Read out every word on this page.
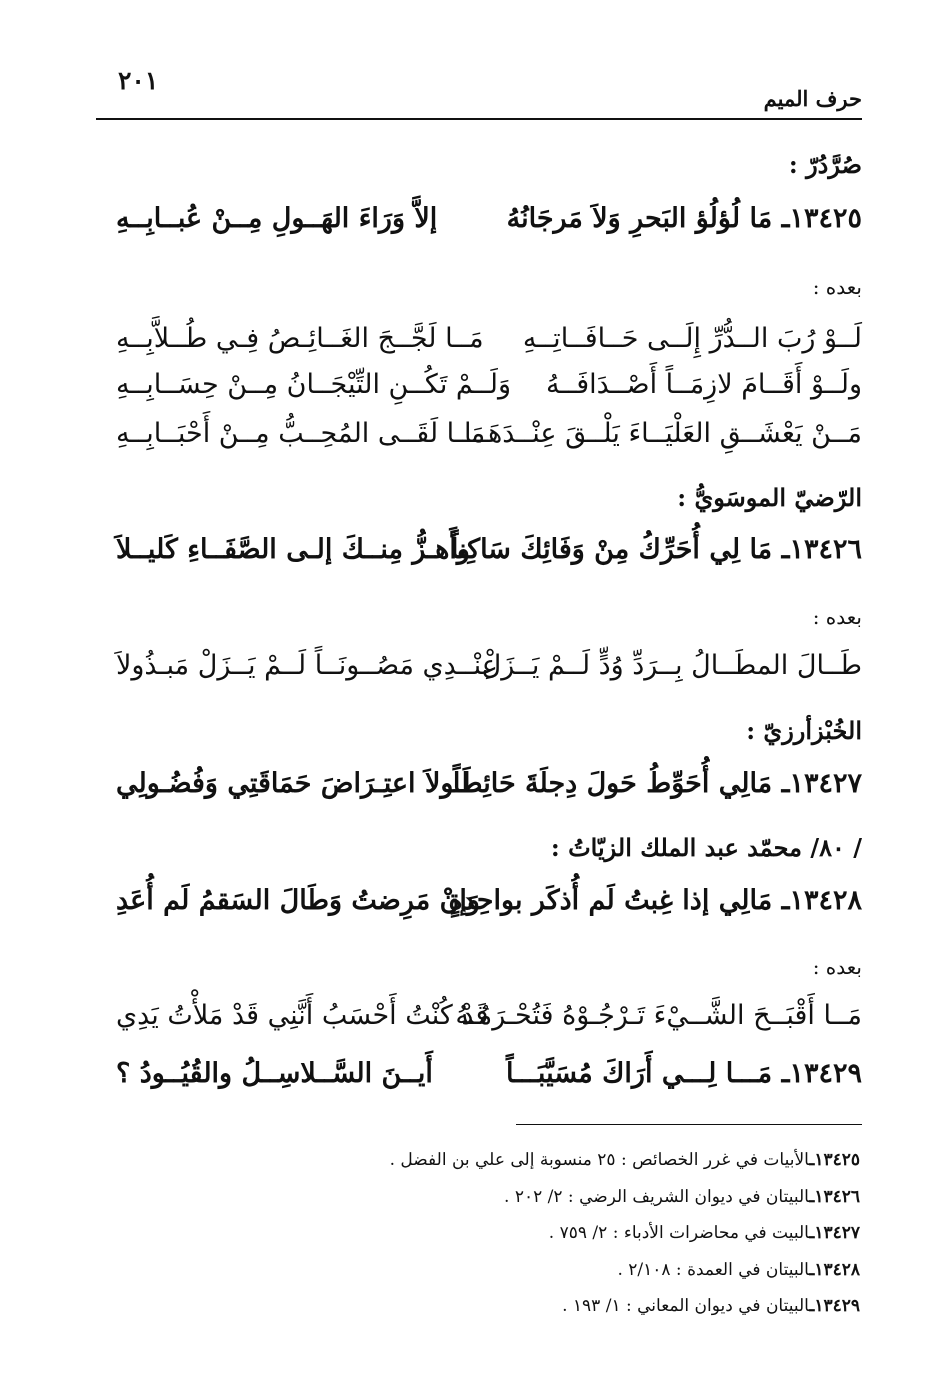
حرف الميم
٢٠١
صُرَّدُرّ :
١٣٤٢٥ـ مَا لُؤلُؤ البَحرِ وَلاَ مَرجَانُهُ
إلاَّ وَرَاءَ الهَــولِ مِــنْ عُبــابِــهِ
بعده :
لَــوْ رُبَ الــدُّرِّ إِلَــى حَــافَــاتِــهِ
مَــا لَجَّــجَ الغَــائِـصُ فِـي طُــلاَّبِــهِ
ولَــوْ أَقَــامَ لازِمَــاً أَصْــدَافَــهُ
وَلَــمْ تَكُــنِ التِّيْجَــانُ مِــنْ حِسَــابِــهِ
مَــنْ يَعْشَــقِ العَلْيَــاءَ يَلْــقَ عِنْــدَهَــا
مَــا لَقَــى المُحِــبُّ مِــنْ أَحْبَــابِــهِ
الرّضيّ الموسَويُّ :
١٣٤٢٦ـ مَا لِي أُحَرِّكُ مِنْ وَفَائِكَ سَاكِناً
وأَهـزُّ مِنــكَ إلـى الصَّفَــاءِ كَليــلاَ
بعده :
طَــالَ المطَــالُ بِــرَدِّ وُدٍّ لَــمْ يَــزَلْ
عِنْــدِي مَصُــونَــاً لَــمْ يَــزَلْ مَبـذُولاَ
الخُبْزأرزيّ :
١٣٤٢٧ـ مَالِي أُحَوِّطُ حَولَ دِجلَةَ حَائِطاً
لَـولاَ اعتِـرَاضَ حَمَاقَتِي وَفُضُـولِي
/ ٨٠/ محمّد عبد الملك الزيّاتُ :
١٣٤٢٨ـ مَالِي إذا غِبتُ لَم أُذكَر بواحِدةٍ
وَإنْ مَرِضتُ وَطَالَ السَقمُ لَم أُعَدِ
بعده :
مَــا أَقْبَــحَ الشَّــيْءَ تَـرْجُـوْهُ فَتُحْـرَمُـهُ
قَدْ كُنْتُ أَحْسَبُ أَنَّنِي قَدْ مَلأْتُ يَدِي
١٣٤٢٩ـ مَـــا لِـــي أَرَاكَ مُسَيَّبَـــاً
أَيــنَ السَّــلاسِــلُ والقُيُــودُ ؟
١٣٤٢٥ـالأبيات في غرر الخصائص : ٢٥ منسوبة إلى علي بن الفضل .
١٣٤٢٦ـالبيتان في ديوان الشريف الرضي : ٢/ ٢٠٢ .
١٣٤٢٧ـالبيت في محاضرات الأدباء : ٢/ ٧٥٩ .
١٣٤٢٨ـالبيتان في العمدة : ٢/١٠٨ .
١٣٤٢٩ـالبيتان في ديوان المعاني : ١/ ١٩٣ .
